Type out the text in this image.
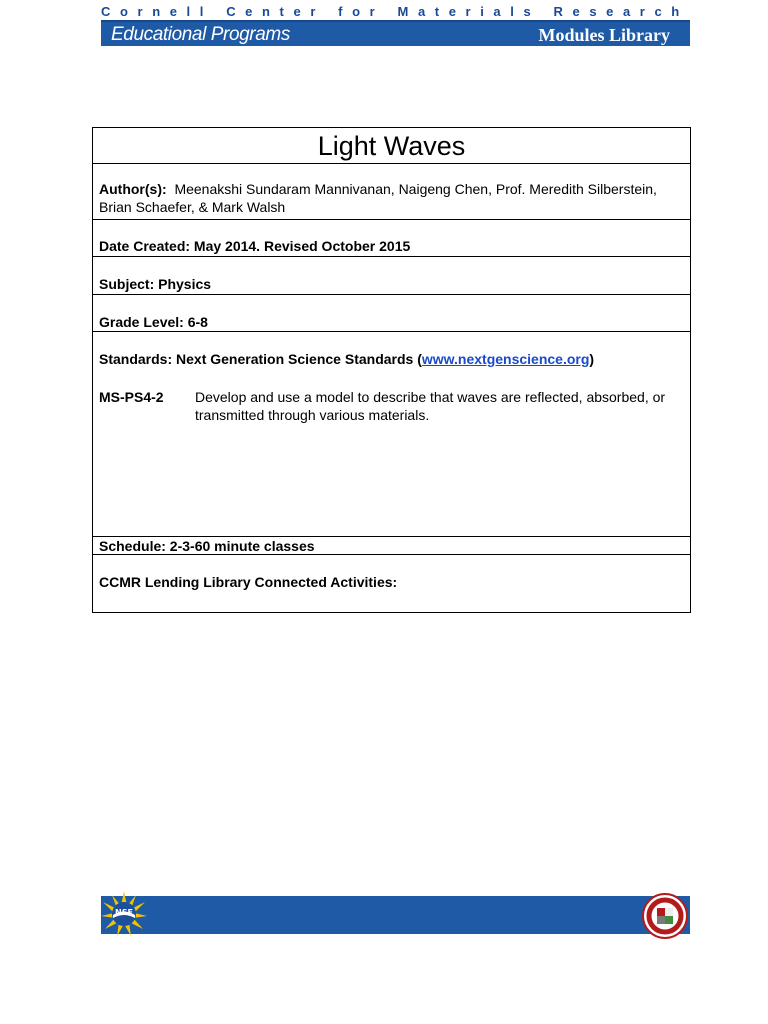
Cornell Center for Materials Research
Educational Programs	Modules Library
Light Waves
Author(s): Meenakshi Sundaram Mannivanan, Naigeng Chen, Prof. Meredith Silberstein, Brian Schaefer, & Mark Walsh
Date Created: May 2014. Revised October 2015
Subject: Physics
Grade Level: 6-8
Standards: Next Generation Science Standards (www.nextgenscience.org)
MS-PS4-2 Develop and use a model to describe that waves are reflected, absorbed, or transmitted through various materials.
Schedule: 2-3-60 minute classes
CCMR Lending Library Connected Activities:
NSF
